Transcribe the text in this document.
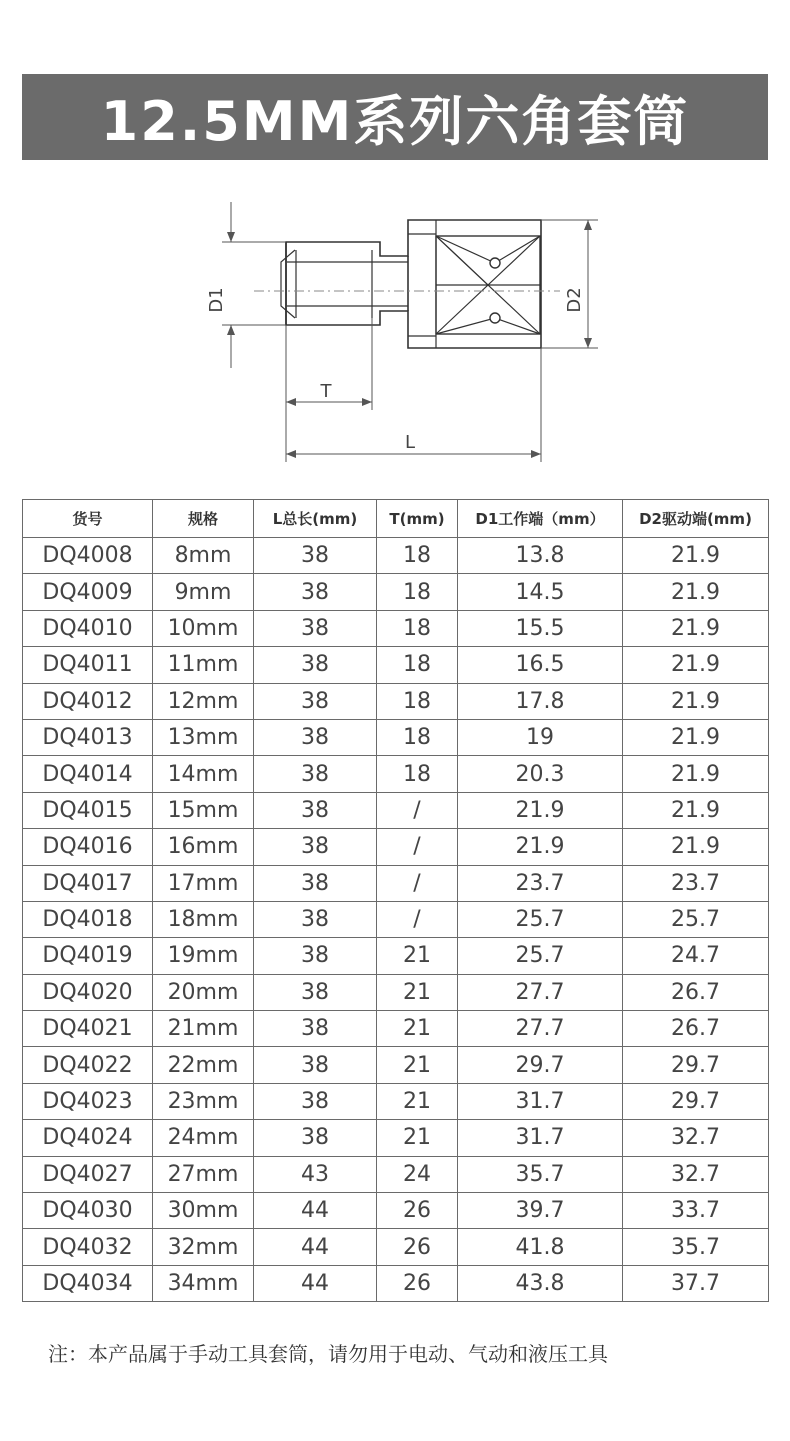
12.5MM系列六角套筒
D1	D2
T
L
货号	规格	L总长(mm)	T(mm)	D1工作端（mm）	D2驱动端(mm)
DQ4008	8mm	38	18	13.8	21.9
DQ4009	9mm	38	18	14.5	21.9
DQ4010	10mm	38	18	15.5	21.9
DQ4011	11mm	38	18	16.5	21.9
DQ4012	12mm	38	18	17.8	21.9
DQ4013	13mm	38	18	19	21.9
DQ4014	14mm	38	18	20.3	21.9
DQ4015	15mm	38	/	21.9	21.9
DQ4016	16mm	38	/	21.9	21.9
DQ4017	17mm	38	/	23.7	23.7
DQ4018	18mm	38	/	25.7	25.7
DQ4019	19mm	38	21	25.7	24.7
DQ4020	20mm	38	21	27.7	26.7
DQ4021	21mm	38	21	27.7	26.7
DQ4022	22mm	38	21	29.7	29.7
DQ4023	23mm	38	21	31.7	29.7
DQ4024	24mm	38	21	31.7	32.7
DQ4027	27mm	43	24	35.7	32.7
DQ4030	30mm	44	26	39.7	33.7
DQ4032	32mm	44	26	41.8	35.7
DQ4034	34mm	44	26	43.8	37.7
注：本产品属于手动工具套筒，请勿用于电动、气动和液压工具
